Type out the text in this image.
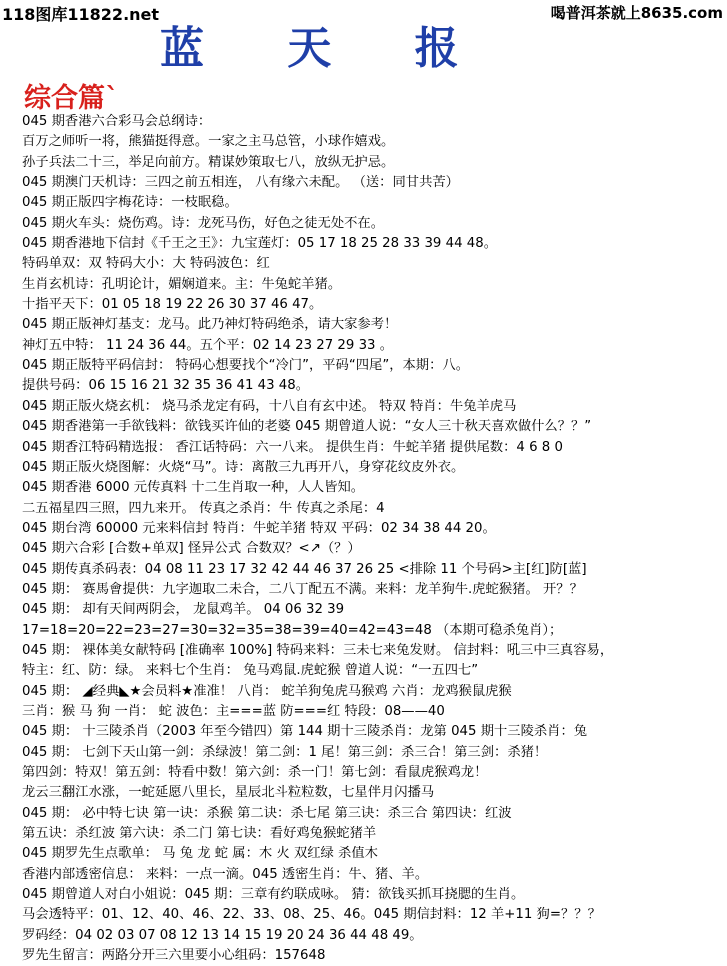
118图库11822.net	喝普洱茶就上8635.com
蓝 天 报
综合篇`
045 期香港六合彩马会总纲诗：
百万之师听一将，熊猫挺得意。一家之主马总管，小球作嬉戏。
孙子兵法二十三，举足向前方。精谋妙策取七八，放纵无护忌。
045 期澳门天机诗：三四之前五相连， 八有缘六未配。 （送：同甘共苦）
045 期正版四字梅花诗：一枝眠稳。
045 期火车头：烧伤鸡。诗：龙死马伤，好色之徒无处不在。
045 期香港地下信封《千王之王》：九宝莲灯：05 17 18 25 28 33 39 44 48。
特码单双：双 特码大小：大 特码波色：红
生肖玄机诗：孔明论计，媚娴道来。主：牛兔蛇羊猪。
十指平天下：01 05 18 19 22 26 30 37 46 47。
045 期正版神灯基支：龙马。此乃神灯特码绝杀，请大家参考！
神灯五中特： 11 24 36 44。五个平：02 14 23 27 29 33 。
045 期正版特平码信封： 特码心想要找个“冷门”，平码“四尾”，本期：八。
提供号码：06 15 16 21 32 35 36 41 43 48。
045 期正版火烧玄机： 烧马杀龙定有码，十八自有玄中述。 特双 特肖：牛兔羊虎马
045 期香港第一手欲钱料：欲钱买许仙的老婆 045 期曾道人说：“女人三十秋天喜欢做什么？？”
045 期香江特码精选报： 香江话特码：六一八来。 提供生肖：牛蛇羊猪 提供尾数：4 6 8 0
045 期正版火烧图解：火烧“马”。诗：离散三九再开八，身穿花纹皮外衣。
045 期香港 6000 元传真料 十二生肖取一种，人人皆知。
二五福星四三照，四九来开。 传真之杀肖：牛 传真之杀尾：4
045 期台湾 60000 元来料信封 特肖：牛蛇羊猪 特双 平码：02 34 38 44 20。
045 期六合彩 [合数+单双] 怪异公式 合数双？<↗（？）
045 期传真杀码表：04 08 11 23 17 32 42 44 46 37 26 25 <排除 11 个号码>主[红]防[蓝]
045 期： 赛馬會提供：九字迦取二未合，二八丁配五不满。来料：龙羊狗牛.虎蛇猴猪。 开？？
045 期： 却有天间两阴会， 龙鼠鸡羊。 04 06 32 39
17=18=20=22=23=27=30=32=35=38=39=40=42=43=48 （本期可稳杀兔肖）；
045 期： 裸体美女献特码 [准确率 100%] 特码来料：三未七来兔发财。 信封料：吼三中三真容易，
特主：红、防：绿。 来料七个生肖： 兔马鸡鼠.虎蛇猴 曾道人说：“一五四七”
045 期： ◢经典◣★会员料★准准！ 八肖： 蛇羊狗兔虎马猴鸡 六肖：龙鸡猴鼠虎猴
三肖：猴 马 狗 一肖： 蛇 波色：主===蓝 防===红 特段：08——40
045 期： 十三陵杀肖（2003 年至今错四）第 144 期十三陵杀肖：龙第 045 期十三陵杀肖：兔
045 期： 七剑下天山第一剑：杀绿波！第二剑：1 尾！第三剑：杀三合！第三剑：杀猪！
第四剑：特双！第五剑：特看中数！第六剑：杀一门！第七剑：看鼠虎猴鸡龙！
龙云三翻江水涨，一蛇延愿八里长，星辰北斗粒粒数，七星伴月闪播马
045 期： 必中特七诀 第一诀：杀猴 第二诀：杀七尾 第三诀：杀三合 第四诀：红波
第五诀：杀红波 第六诀：杀二门 第七诀：看好鸡兔猴蛇猪羊
045 期罗先生点歌单： 马 兔 龙 蛇 属：木 火 双红绿 杀值木
香港内部透密信息： 来料：一点一滴。045 透密生肖：牛、猪、羊。
045 期曾道人对白小姐说：045 期：三章有约联成咏。 猜：欲钱买抓耳挠腮的生肖。
马会透特平：01、12、40、46、22、33、08、25、46。045 期信封料：12 羊+11 狗=？？？
罗码经：04 02 03 07 08 12 13 14 15 19 20 24 36 44 48 49。
罗先生留言：两路分开三六里要小心组码：157648
